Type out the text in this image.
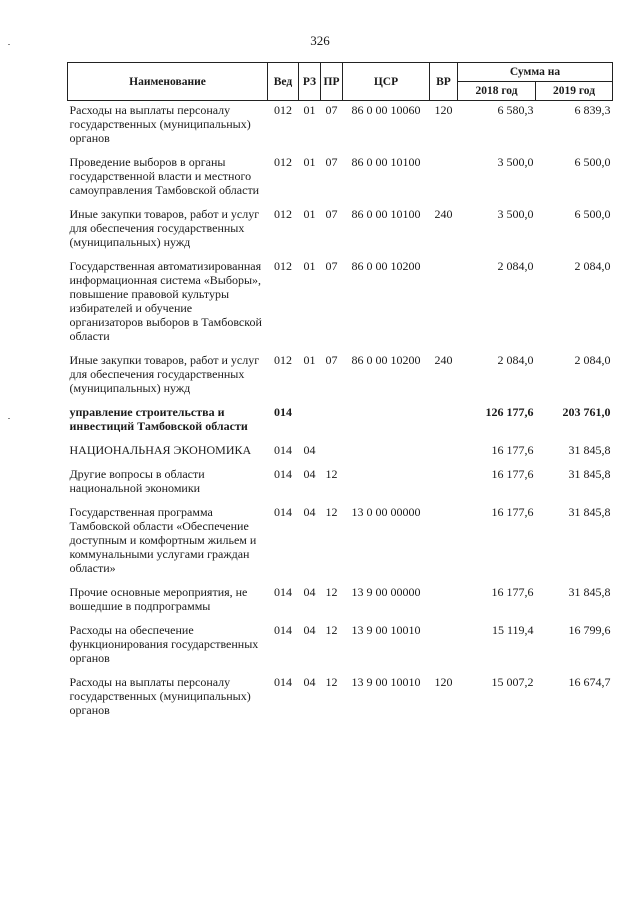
326
Наименование	Вед	РЗ	ПР	ЦСР	ВР	Сумма на	
						2018 год	2019 год

Расходы на выплаты персоналу государственных (муниципальных) органов	012	01	07	86 0 00 10060	120	6 580,3	6 839,3
Проведение выборов в органы государственной власти и местного самоуправления Тамбовской области	012	01	07	86 0 00 10100		3 500,0	6 500,0
Иные закупки товаров, работ и услуг для обеспечения государственных (муниципальных) нужд	012	01	07	86 0 00 10100	240	3 500,0	6 500,0
Государственная автоматизированная информационная система «Выборы», повышение правовой культуры избирателей и обучение организаторов выборов в Тамбовской области	012	01	07	86 0 00 10200		2 084,0	2 084,0
Иные закупки товаров, работ и услуг для обеспечения государственных (муниципальных) нужд	012	01	07	86 0 00 10200	240	2 084,0	2 084,0
управление строительства и инвестиций Тамбовской области	014					126 177,6	203 761,0
НАЦИОНАЛЬНАЯ ЭКОНОМИКА	014	04				16 177,6	31 845,8
Другие вопросы в области национальной экономики	014	04	12			16 177,6	31 845,8
Государственная программа Тамбовской области «Обеспечение доступным и комфортным жильем и коммунальными услугами граждан области»	014	04	12	13 0 00 00000		16 177,6	31 845,8
Прочие основные мероприятия, не вошедшие в подпрограммы	014	04	12	13 9 00 00000		16 177,6	31 845,8
Расходы на обеспечение функционирования государственных органов	014	04	12	13 9 00 10010		15 119,4	16 799,6
Расходы на выплаты персоналу государственных (муниципальных) органов	014	04	12	13 9 00 10010	120	15 007,2	16 674,7
